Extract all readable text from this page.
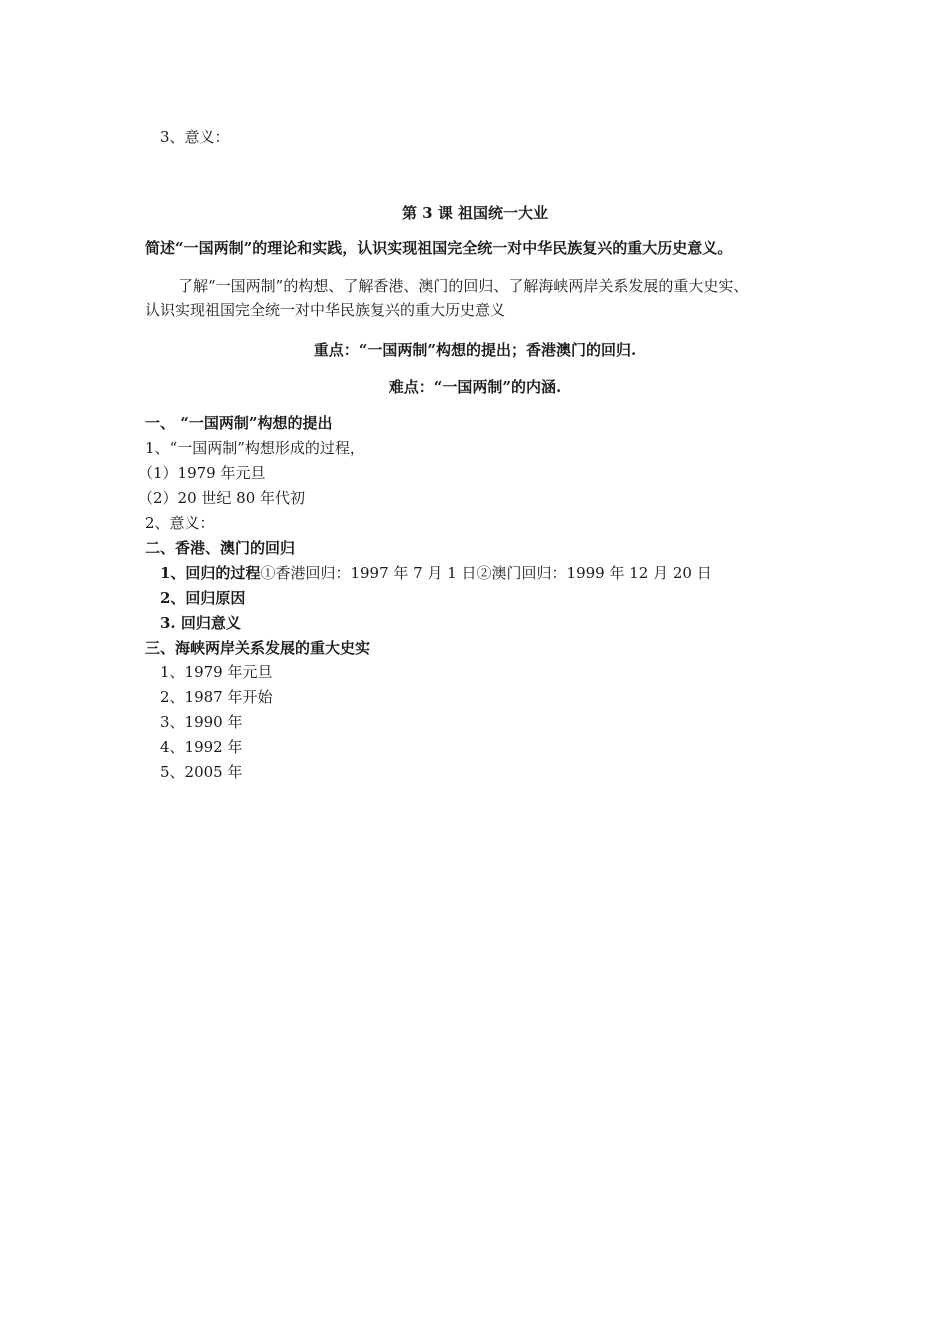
3、意义：
第 3 课 祖国统一大业
简述“一国两制”的理论和实践，认识实现祖国完全统一对中华民族复兴的重大历史意义。
了解“一国两制”的构想、了解香港、澳门的回归、了解海峡两岸关系发展的重大史实、
认识实现祖国完全统一对中华民族复兴的重大历史意义
重点：“一国两制”构想的提出；香港澳门的回归.
难点：“一国两制”的内涵.
一、 “一国两制”构想的提出
1、“一国两制”构想形成的过程，
（1）1979 年元旦
（2）20 世纪 80 年代初
2、意义：
二、香港、澳门的回归
1、回归的过程①香港回归：1997 年 7 月 1 日②澳门回归：1999 年 12 月 20 日
2、回归原因
3. 回归意义
三、海峡两岸关系发展的重大史实
1、1979 年元旦
2、1987 年开始
3、1990 年
4、1992 年
5、2005 年
